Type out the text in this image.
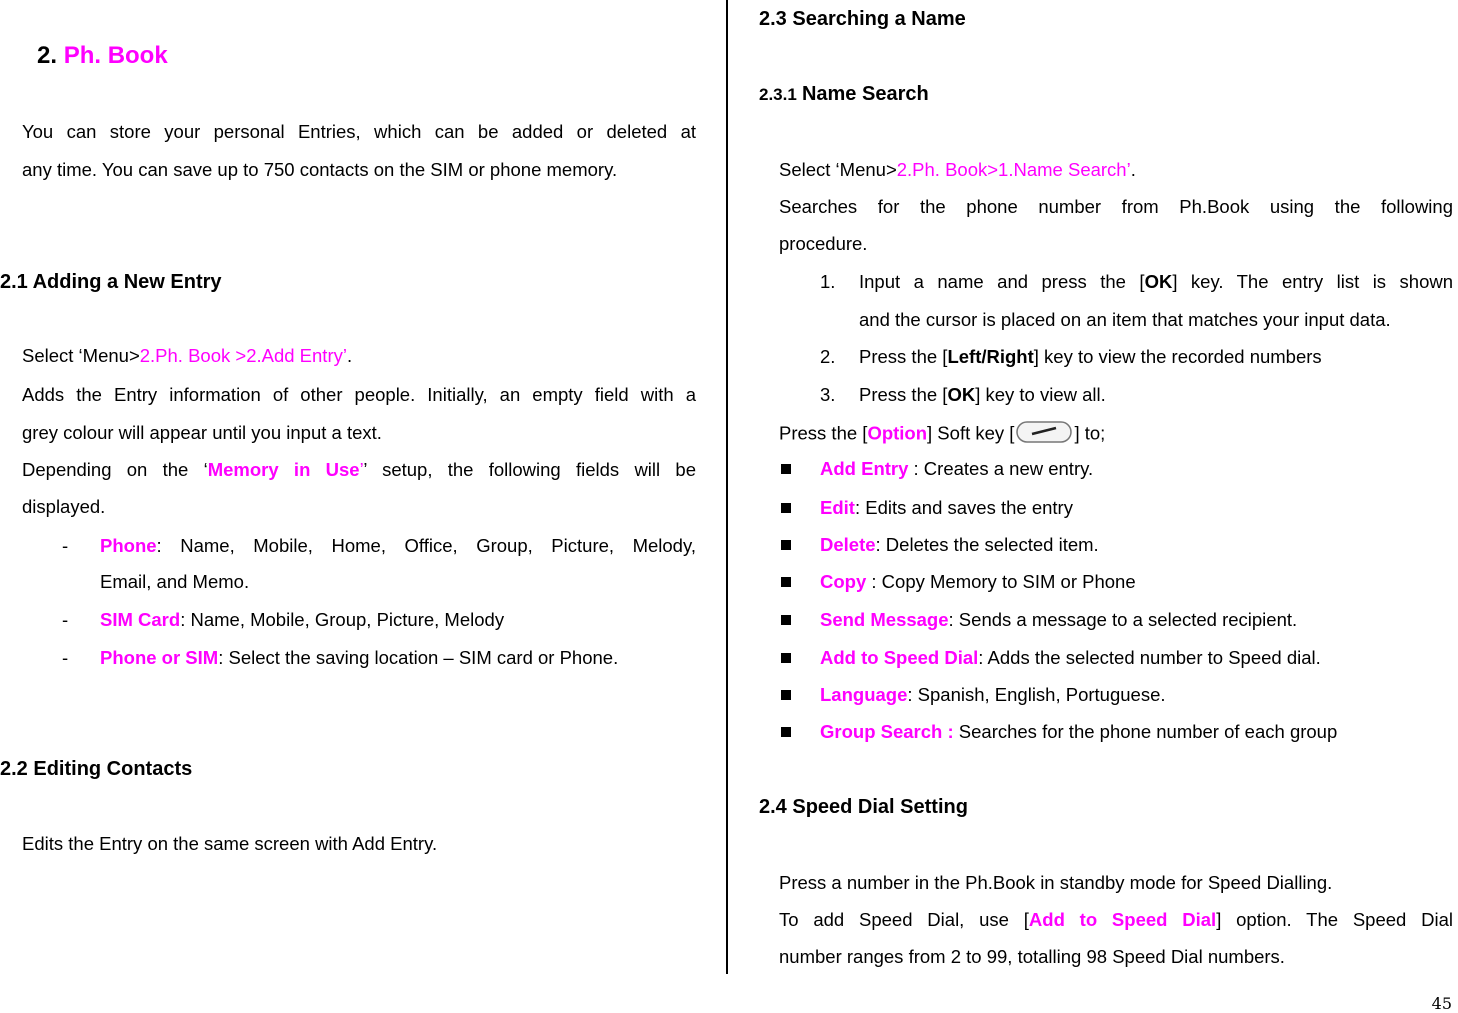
2. Ph. Book
You can store your personal Entries, which can be added or deleted at
any time. You can save up to 750 contacts on the SIM or phone memory.
2.1 Adding a New Entry
Select ‘Menu>2.Ph. Book >2.Add Entry’.
Adds the Entry information of other people. Initially, an empty field with a
grey colour will appear until you input a text.
Depending on the ‘Memory in Use’’ setup, the following fields will be
displayed.
- Phone: Name, Mobile, Home, Office, Group, Picture, Melody,
Email, and Memo.
- SIM Card: Name, Mobile, Group, Picture, Melody
- Phone or SIM: Select the saving location – SIM card or Phone.
2.2 Editing Contacts
Edits the Entry on the same screen with Add Entry.
2.3 Searching a Name
2.3.1 Name Search
Select ‘Menu>2.Ph. Book>1.Name Search’.
Searches for the phone number from Ph.Book using the following
procedure.
1. Input a name and press the [OK] key. The entry list is shown
and the cursor is placed on an item that matches your input data.
2. Press the [Left/Right] key to view the recorded numbers
3. Press the [OK] key to view all.
Press the [Option] Soft key [	] to;
Add Entry : Creates a new entry.
Edit: Edits and saves the entry
Delete: Deletes the selected item.
Copy : Copy Memory to SIM or Phone
Send Message: Sends a message to a selected recipient.
Add to Speed Dial: Adds the selected number to Speed dial.
Language: Spanish, English, Portuguese.
Group Search : Searches for the phone number of each group
2.4 Speed Dial Setting
Press a number in the Ph.Book in standby mode for Speed Dialling.
To add Speed Dial, use [Add to Speed Dial] option. The Speed Dial
number ranges from 2 to 99, totalling 98 Speed Dial numbers.
45
